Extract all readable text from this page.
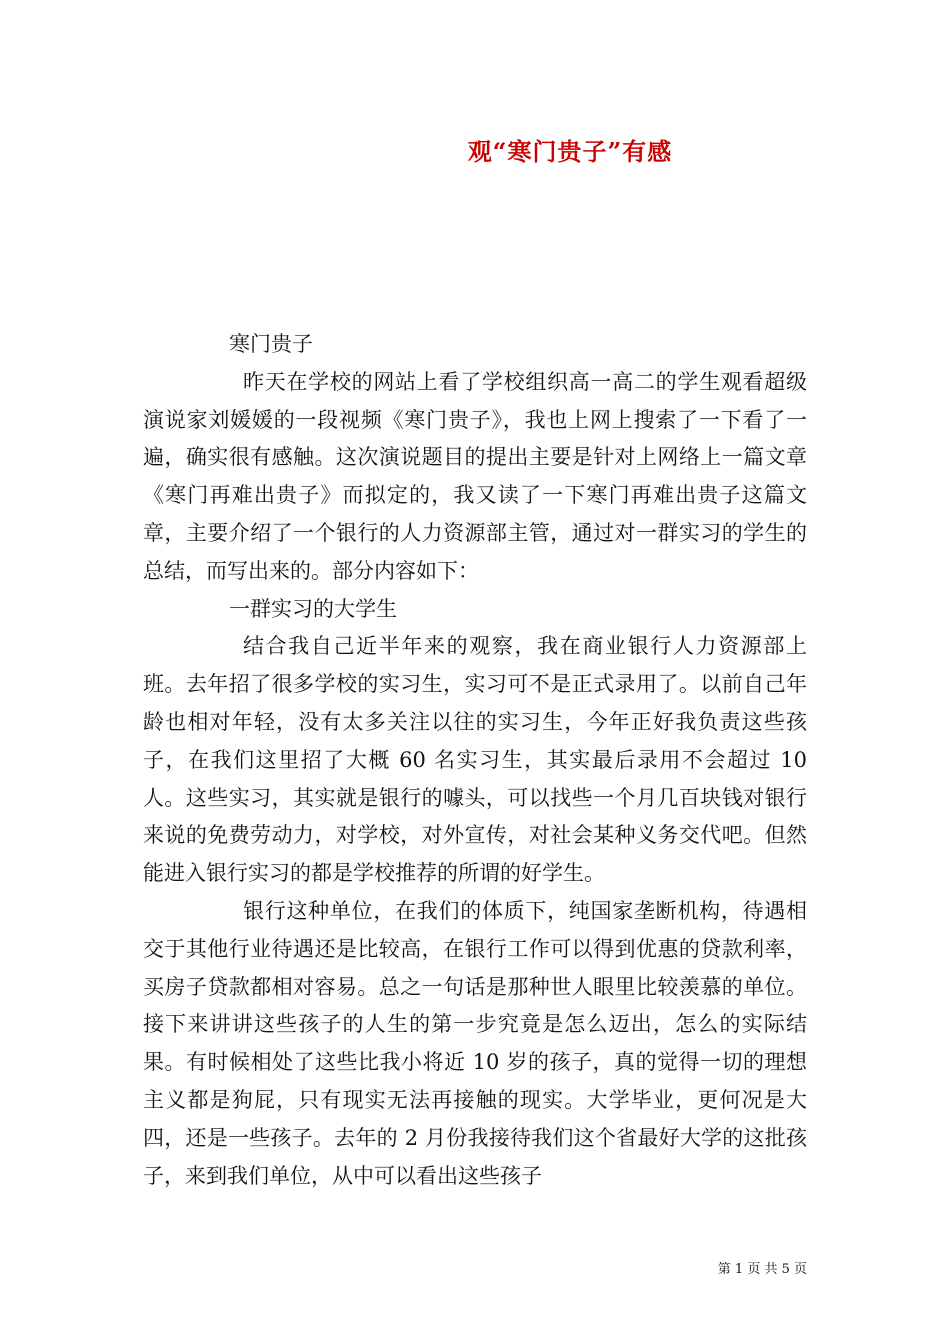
观“寒门贵子”有感

寒门贵子

昨天在学校的网站上看了学校组织高一高二的学生观看超级演说家刘媛媛的一段视频《寒门贵子》，我也上网上搜索了一下看了一遍，确实很有感触。这次演说题目的提出主要是针对上网络上一篇文章《寒门再难出贵子》而拟定的，我又读了一下寒门再难出贵子这篇文章，主要介绍了一个银行的人力资源部主管，通过对一群实习的学生的总结，而写出来的。部分内容如下：

一群实习的大学生

结合我自己近半年来的观察，我在商业银行人力资源部上班。去年招了很多学校的实习生，实习可不是正式录用了。以前自己年龄也相对年轻，没有太多关注以往的实习生，今年正好我负责这些孩子，在我们这里招了大概 60 名实习生，其实最后录用不会超过 10 人。这些实习，其实就是银行的噱头，可以找些一个月几百块钱对银行来说的免费劳动力，对学校，对外宣传，对社会某种义务交代吧。但然能进入银行实习的都是学校推荐的所谓的好学生。

银行这种单位，在我们的体质下，纯国家垄断机构，待遇相交于其他行业待遇还是比较高，在银行工作可以得到优惠的贷款利率，买房子贷款都相对容易。总之一句话是那种世人眼里比较羡慕的单位。接下来讲讲这些孩子的人生的第一步究竟是怎么迈出，怎么的实际结果。有时候相处了这些比我小将近 10 岁的孩子，真的觉得一切的理想主义都是狗屁，只有现实无法再接触的现实。大学毕业，更何况是大四，还是一些孩子。去年的 2 月份我接待我们这个省最好大学的这批孩子，来到我们单位，从中可以看出这些孩子

第 1 页 共 5 页
